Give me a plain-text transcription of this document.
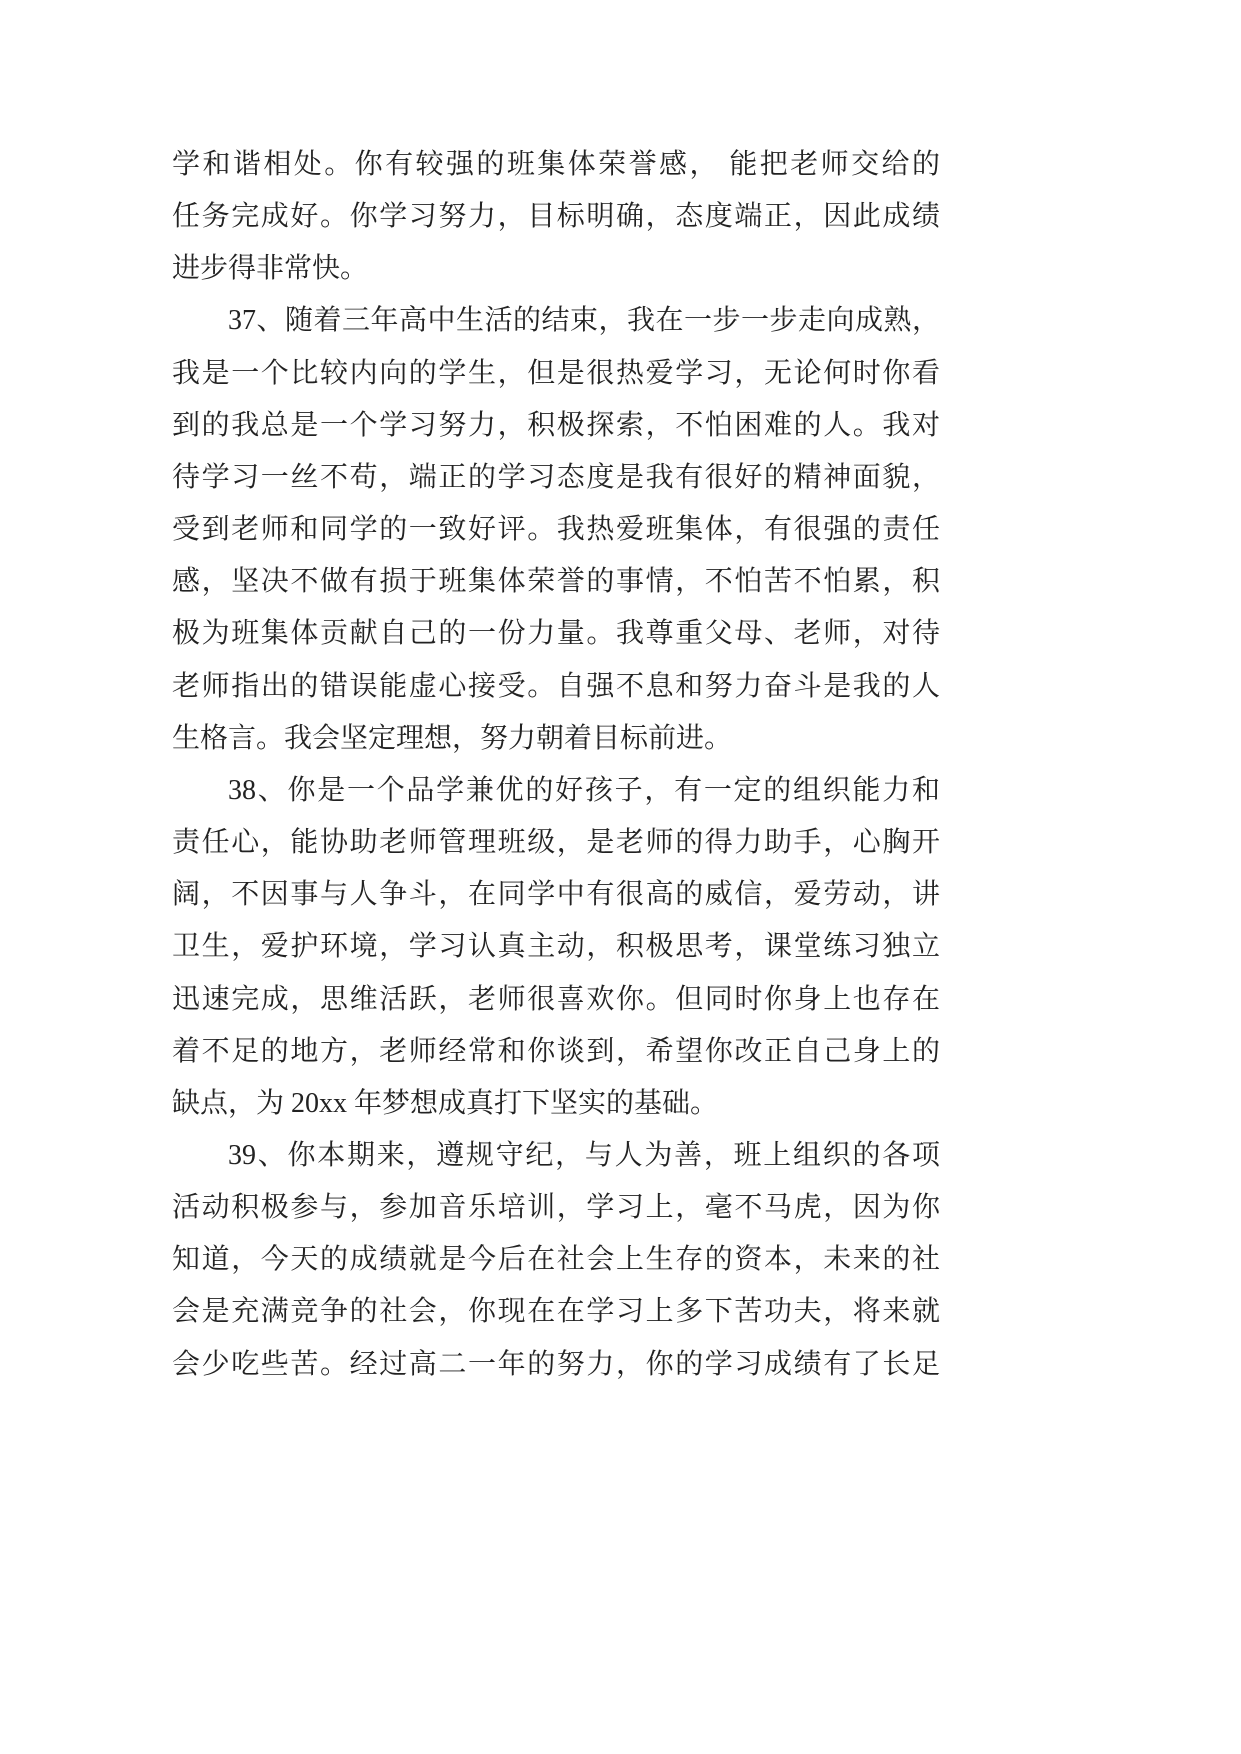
学和谐相处。你有较强的班集体荣誉感， 能把老师交给的
任务完成好。你学习努力，目标明确，态度端正，因此成绩
进步得非常快。
37、随着三年高中生活的结束，我在一步一步走向成熟，
我是一个比较内向的学生，但是很热爱学习，无论何时你看
到的我总是一个学习努力，积极探索，不怕困难的人。我对
待学习一丝不苟，端正的学习态度是我有很好的精神面貌，
受到老师和同学的一致好评。我热爱班集体，有很强的责任
感，坚决不做有损于班集体荣誉的事情，不怕苦不怕累，积
极为班集体贡献自己的一份力量。我尊重父母、老师，对待
老师指出的错误能虚心接受。自强不息和努力奋斗是我的人
生格言。我会坚定理想，努力朝着目标前进。
38、你是一个品学兼优的好孩子，有一定的组织能力和
责任心，能协助老师管理班级，是老师的得力助手，心胸开
阔，不因事与人争斗，在同学中有很高的威信，爱劳动，讲
卫生，爱护环境，学习认真主动，积极思考，课堂练习独立
迅速完成，思维活跃，老师很喜欢你。但同时你身上也存在
着不足的地方，老师经常和你谈到，希望你改正自己身上的
缺点，为 20xx 年梦想成真打下坚实的基础。
39、你本期来，遵规守纪，与人为善，班上组织的各项
活动积极参与，参加音乐培训，学习上，毫不马虎，因为你
知道，今天的成绩就是今后在社会上生存的资本，未来的社
会是充满竞争的社会，你现在在学习上多下苦功夫，将来就
会少吃些苦。经过高二一年的努力，你的学习成绩有了长足
